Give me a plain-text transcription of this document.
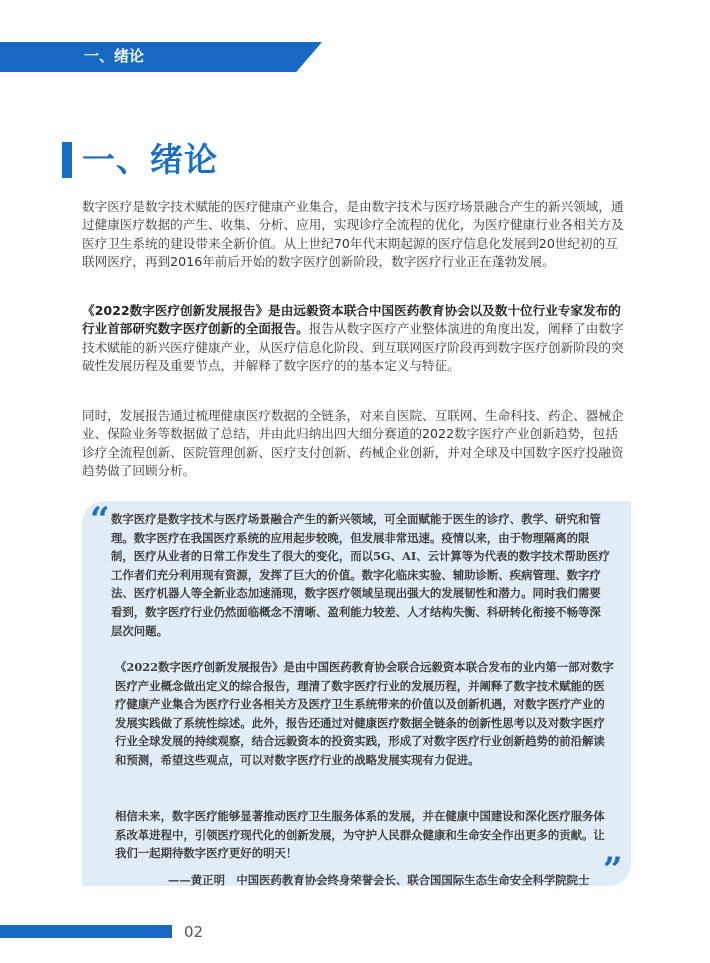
一、绪论
一、绪论

数字医疗是数字技术赋能的医疗健康产业集合，是由数字技术与医疗场景融合产生的新兴领域，通过健康医疗数据的产生、收集、分析、应用，实现诊疗全流程的优化，为医疗健康行业各相关方及医疗卫生系统的建设带来全新价值。从上世纪70年代末期起源的医疗信息化发展到20世纪初的互联网医疗，再到2016年前后开始的数字医疗创新阶段，数字医疗行业正在蓬勃发展。

《2022数字医疗创新发展报告》是由远毅资本联合中国医药教育协会以及数十位行业专家发布的行业首部研究数字医疗创新的全面报告。报告从数字医疗产业整体演进的角度出发，阐释了由数字技术赋能的新兴医疗健康产业，从医疗信息化阶段、到互联网医疗阶段再到数字医疗创新阶段的突破性发展历程及重要节点，并解释了数字医疗的的基本定义与特征。

同时，发展报告通过梳理健康医疗数据的全链条，对来自医院、互联网、生命科技、药企、器械企业、保险业务等数据做了总结，并由此归纳出四大细分赛道的2022数字医疗产业创新趋势，包括诊疗全流程创新、医院管理创新、医疗支付创新、药械企业创新，并对全球及中国数字医疗投融资趋势做了回顾分析。

“ 数字医疗是数字技术与医疗场景融合产生的新兴领域，可全面赋能于医生的诊疗、教学、研究和管理。数字医疗在我国医疗系统的应用起步较晚，但发展非常迅速。疫情以来，由于物理隔离的限制，医疗从业者的日常工作发生了很大的变化，而以5G、AI、云计算等为代表的数字技术帮助医疗工作者们充分利用现有资源，发挥了巨大的价值。数字化临床实验、辅助诊断、疾病管理、数字疗法、医疗机器人等全新业态加速涌现，数字医疗领域呈现出强大的发展韧性和潜力。同时我们需要看到，数字医疗行业仍然面临概念不清晰、盈利能力较差、人才结构失衡、科研转化衔接不畅等深层次问题。

《2022数字医疗创新发展报告》是由中国医药教育协会联合远毅资本联合发布的业内第一部对数字医疗产业概念做出定义的综合报告，理清了数字医疗行业的发展历程，并阐释了数字技术赋能的医疗健康产业集合为医疗行业各相关方及医疗卫生系统带来的价值以及创新机遇，对数字医疗产业的发展实践做了系统性综述。此外，报告还通过对健康医疗数据全链条的创新性思考以及对数字医疗行业全球发展的持续观察，结合远毅资本的投资实践，形成了对数字医疗行业创新趋势的前沿解读和预测，希望这些观点，可以对数字医疗行业的战略发展实现有力促进。

相信未来，数字医疗能够显著推动医疗卫生服务体系的发展，并在健康中国建设和深化医疗服务体系改革进程中，引领医疗现代化的创新发展，为守护人民群众健康和生命安全作出更多的贡献。让我们一起期待数字医疗更好的明天！	”
——黄正明　中国医药教育协会终身荣誉会长、联合国国际生态生命安全科学院院士
02
